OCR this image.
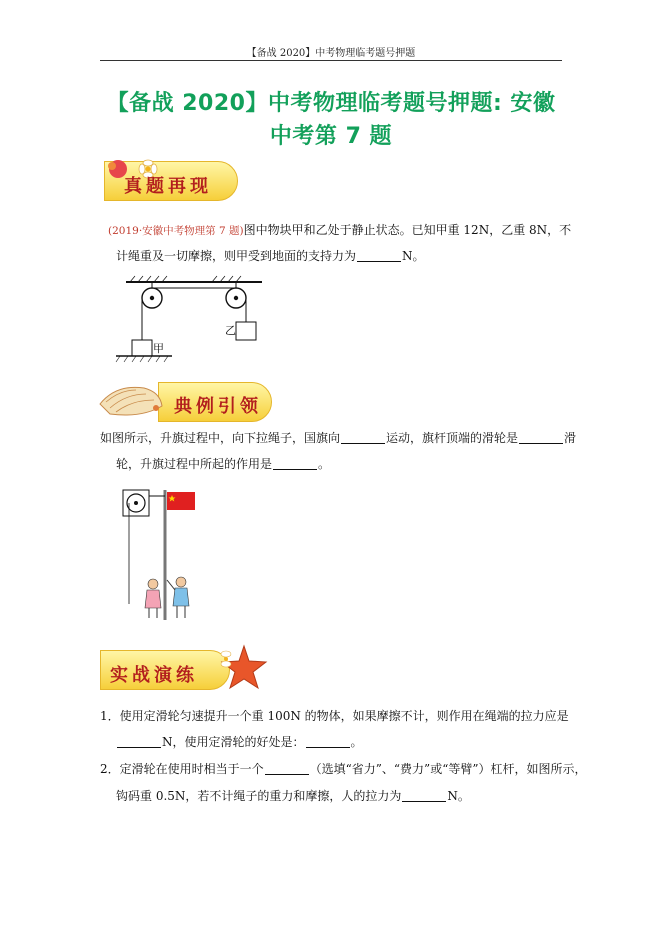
【备战 2020】中考物理临考题号押题
【备战 2020】中考物理临考题号押题: 安徽
中考第 7 题
真题再现
(2019·安徽中考物理第 7 题)图中物块甲和乙处于静止状态。已知甲重 12N，乙重 8N，不
计绳重及一切摩擦，则甲受到地面的支持力为	N。
甲
乙
典例引领
如图所示，升旗过程中，向下拉绳子，国旗向	运动，旗杆顶端的滑轮是	滑
轮，升旗过程中所起的作用是	。
实战演练
1．使用定滑轮匀速提升一个重 100N 的物体，如果摩擦不计，则作用在绳端的拉力应是
N，使用定滑轮的好处是：	。
2．定滑轮在使用时相当于一个	（选填“省力”、“费力”或“等臂”）杠杆，如图所示，
钩码重 0.5N，若不计绳子的重力和摩擦，人的拉力为	N。
